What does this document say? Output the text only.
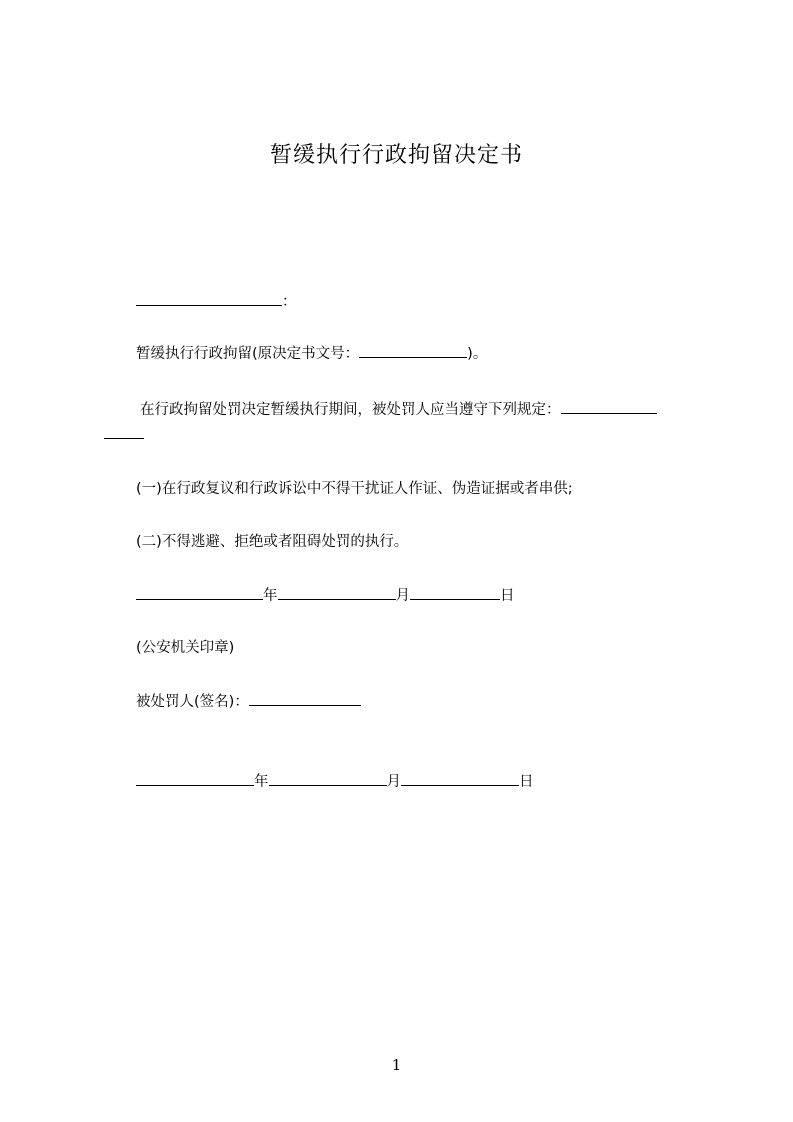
暂缓执行行政拘留决定书
：
暂缓执行行政拘留(原决定书文号：	)。
在行政拘留处罚决定暂缓执行期间，被处罚人应当遵守下列规定：
(一)在行政复议和行政诉讼中不得干扰证人作证、伪造证据或者串供;
(二)不得逃避、拒绝或者阻碍处罚的执行。
年	月	日
(公安机关印章)
被处罚人(签名)：
年	月	日
1
